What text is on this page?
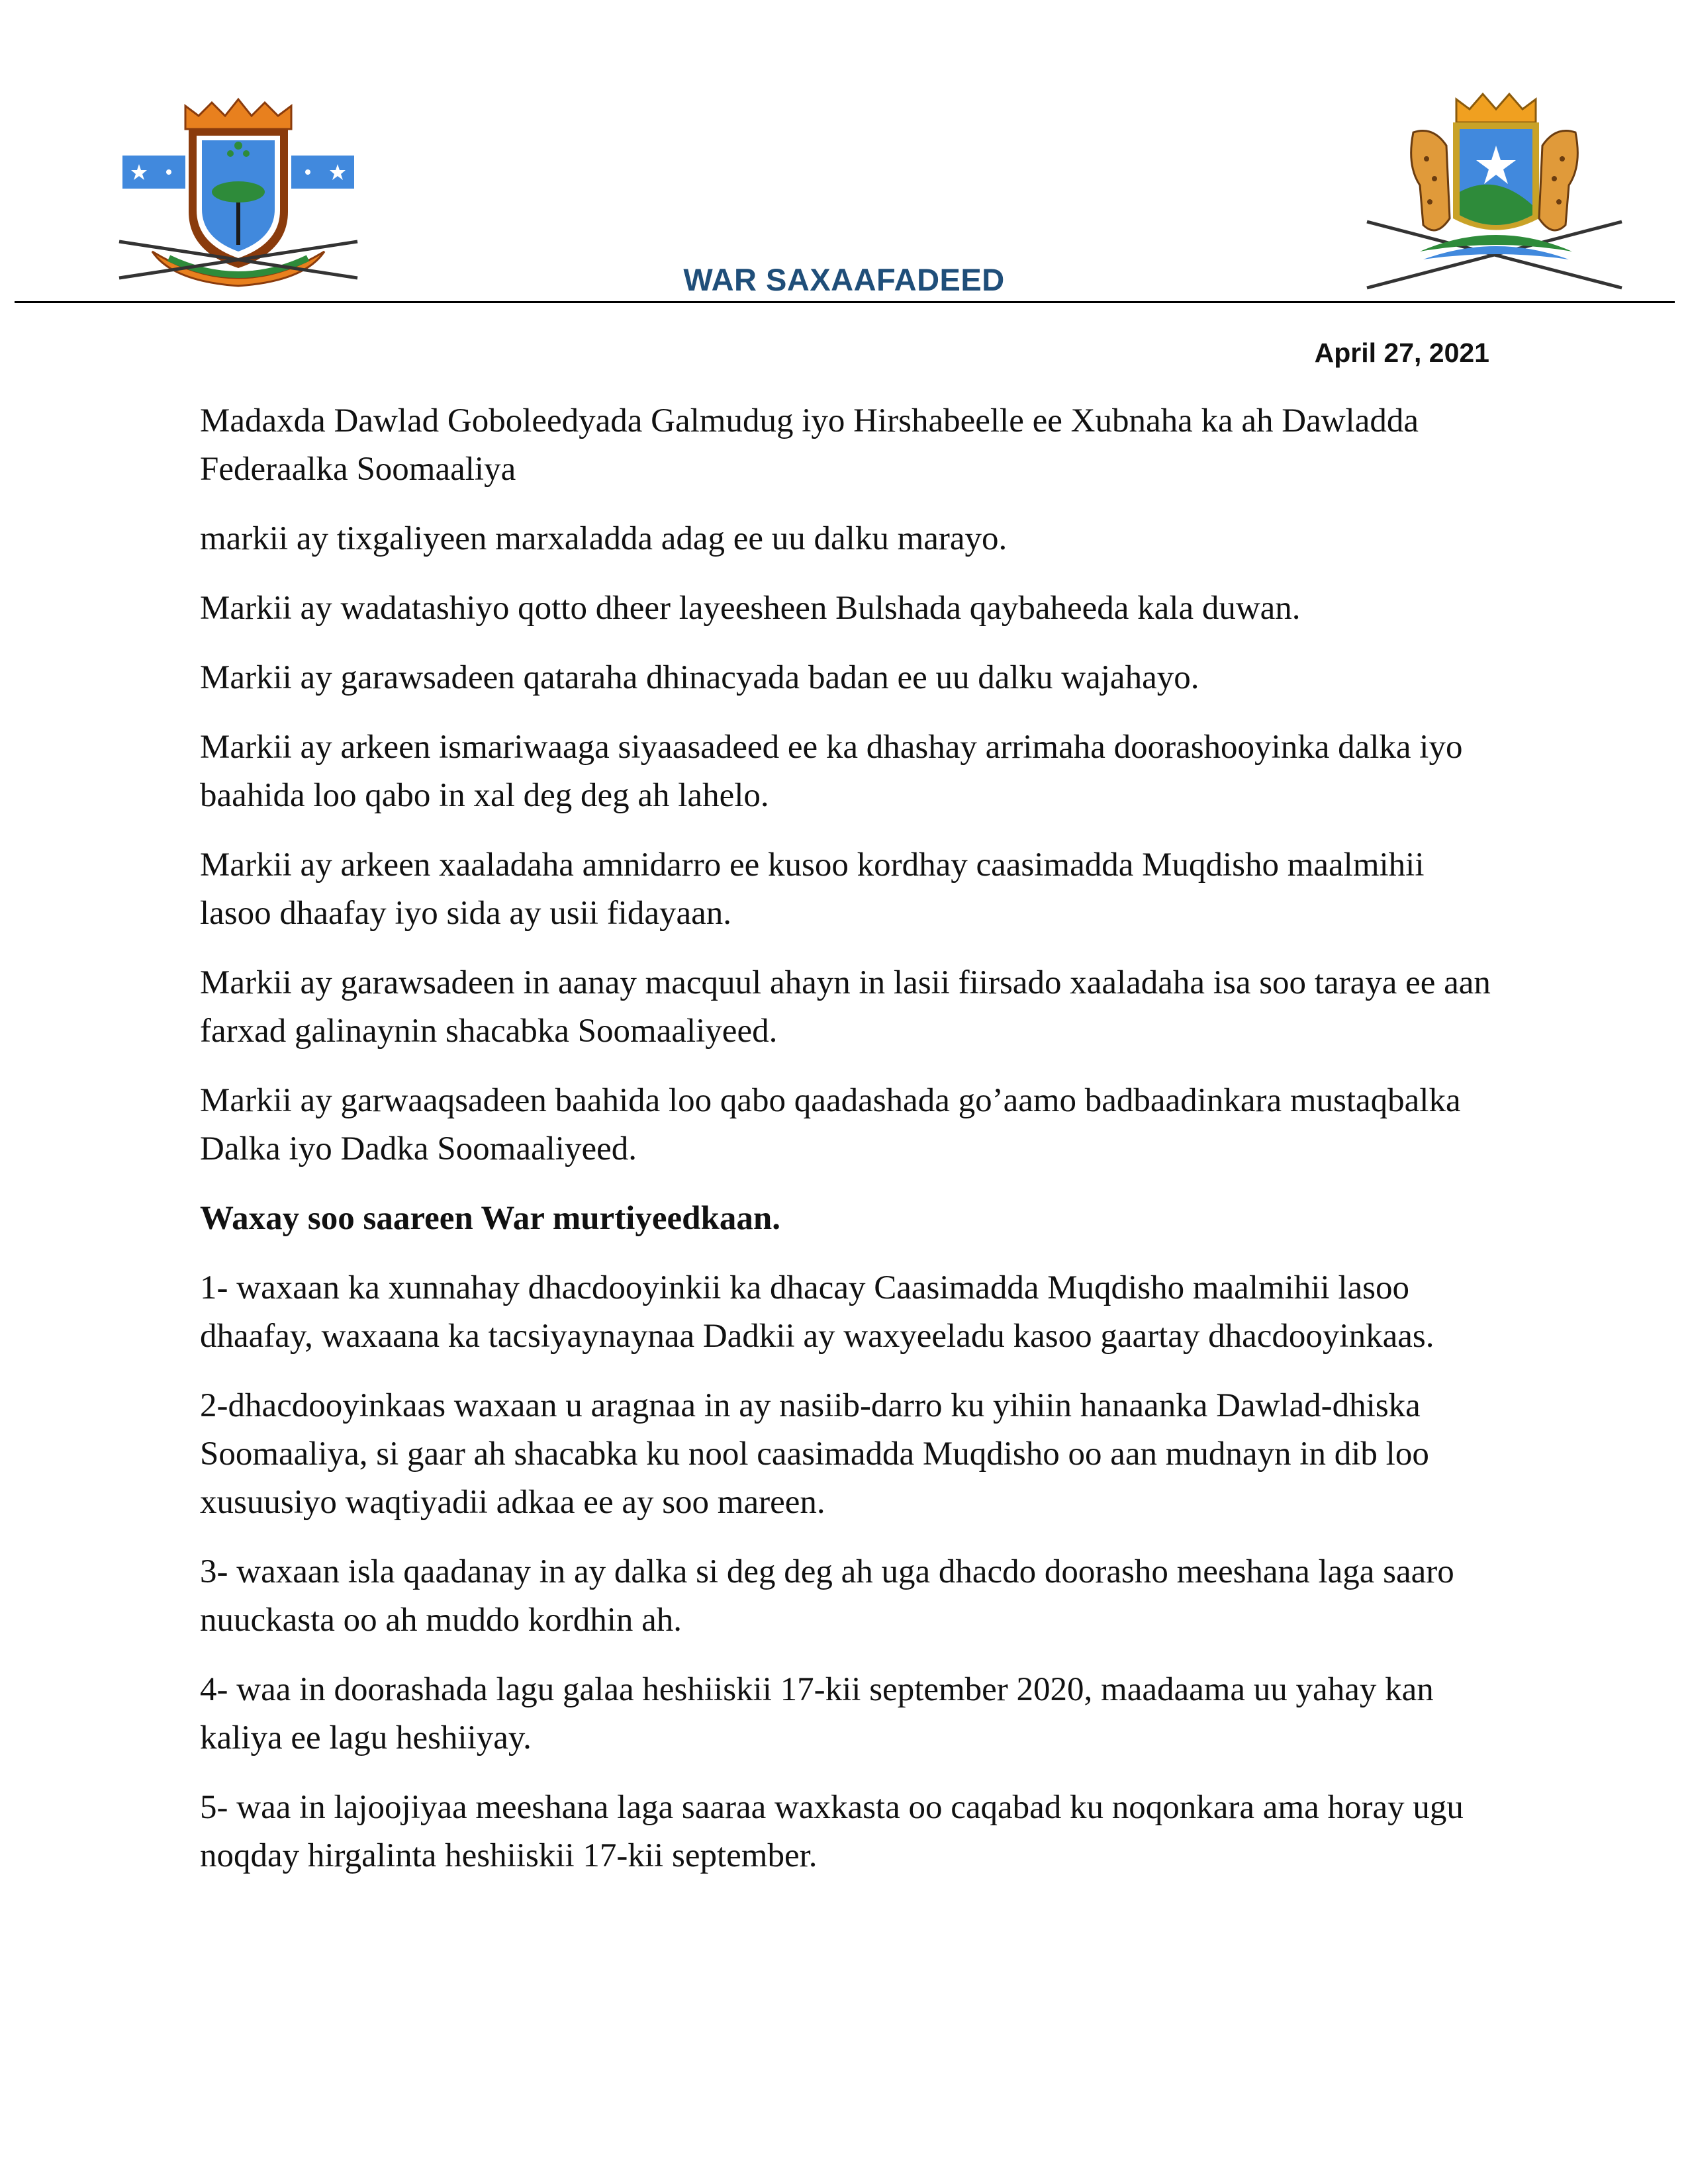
WAR SAXAAFADEED
April 27, 2021

Madaxda Dawlad Goboleedyada Galmudug iyo Hirshabeelle ee Xubnaha ka ah Dawladda Federaalka Soomaaliya

markii ay tixgaliyeen marxaladda adag ee uu dalku marayo.

Markii ay wadatashiyo qotto dheer layeesheen Bulshada qaybaheeda kala duwan.

Markii ay garawsadeen qataraha dhinacyada badan ee uu dalku wajahayo.

Markii ay arkeen ismariwaaga siyaasadeed ee ka dhashay arrimaha doorashooyinka dalka iyo baahida loo qabo in xal deg deg ah lahelo.

Markii ay arkeen xaaladaha amnidarro ee kusoo kordhay caasimadda Muqdisho maalmihii lasoo dhaafay iyo sida ay usii fidayaan.

Markii ay garawsadeen in aanay macquul ahayn in lasii fiirsado xaaladaha isa soo taraya ee aan farxad galinaynin shacabka Soomaaliyeed.

Markii ay garwaaqsadeen baahida loo qabo qaadashada go’aamo badbaadinkara mustaqbalka Dalka iyo Dadka Soomaaliyeed.

Waxay soo saareen War murtiyeedkaan.

1- waxaan ka xunnahay dhacdooyinkii ka dhacay Caasimadda Muqdisho maalmihii lasoo dhaafay, waxaana ka tacsiyaynaynaa Dadkii ay waxyeeladu kasoo gaartay dhacdooyinkaas.

2-dhacdooyinkaas waxaan u aragnaa in ay nasiib-darro ku yihiin hanaanka Dawlad-dhiska Soomaaliya, si gaar ah shacabka ku nool caasimadda Muqdisho oo aan mudnayn in dib loo xusuusiyo waqtiyadii adkaa ee ay soo mareen.

3- waxaan isla qaadanay in ay dalka si deg deg ah uga dhacdo doorasho meeshana laga saaro nuuckasta oo ah muddo kordhin ah.

4- waa in doorashada lagu galaa heshiiskii 17-kii september 2020, maadaama uu yahay kan kaliya ee lagu heshiiyay.

5- waa in lajoojiyaa meeshana laga saaraa waxkasta oo caqabad ku noqonkara ama horay ugu noqday hirgalinta heshiiskii 17-kii september.
